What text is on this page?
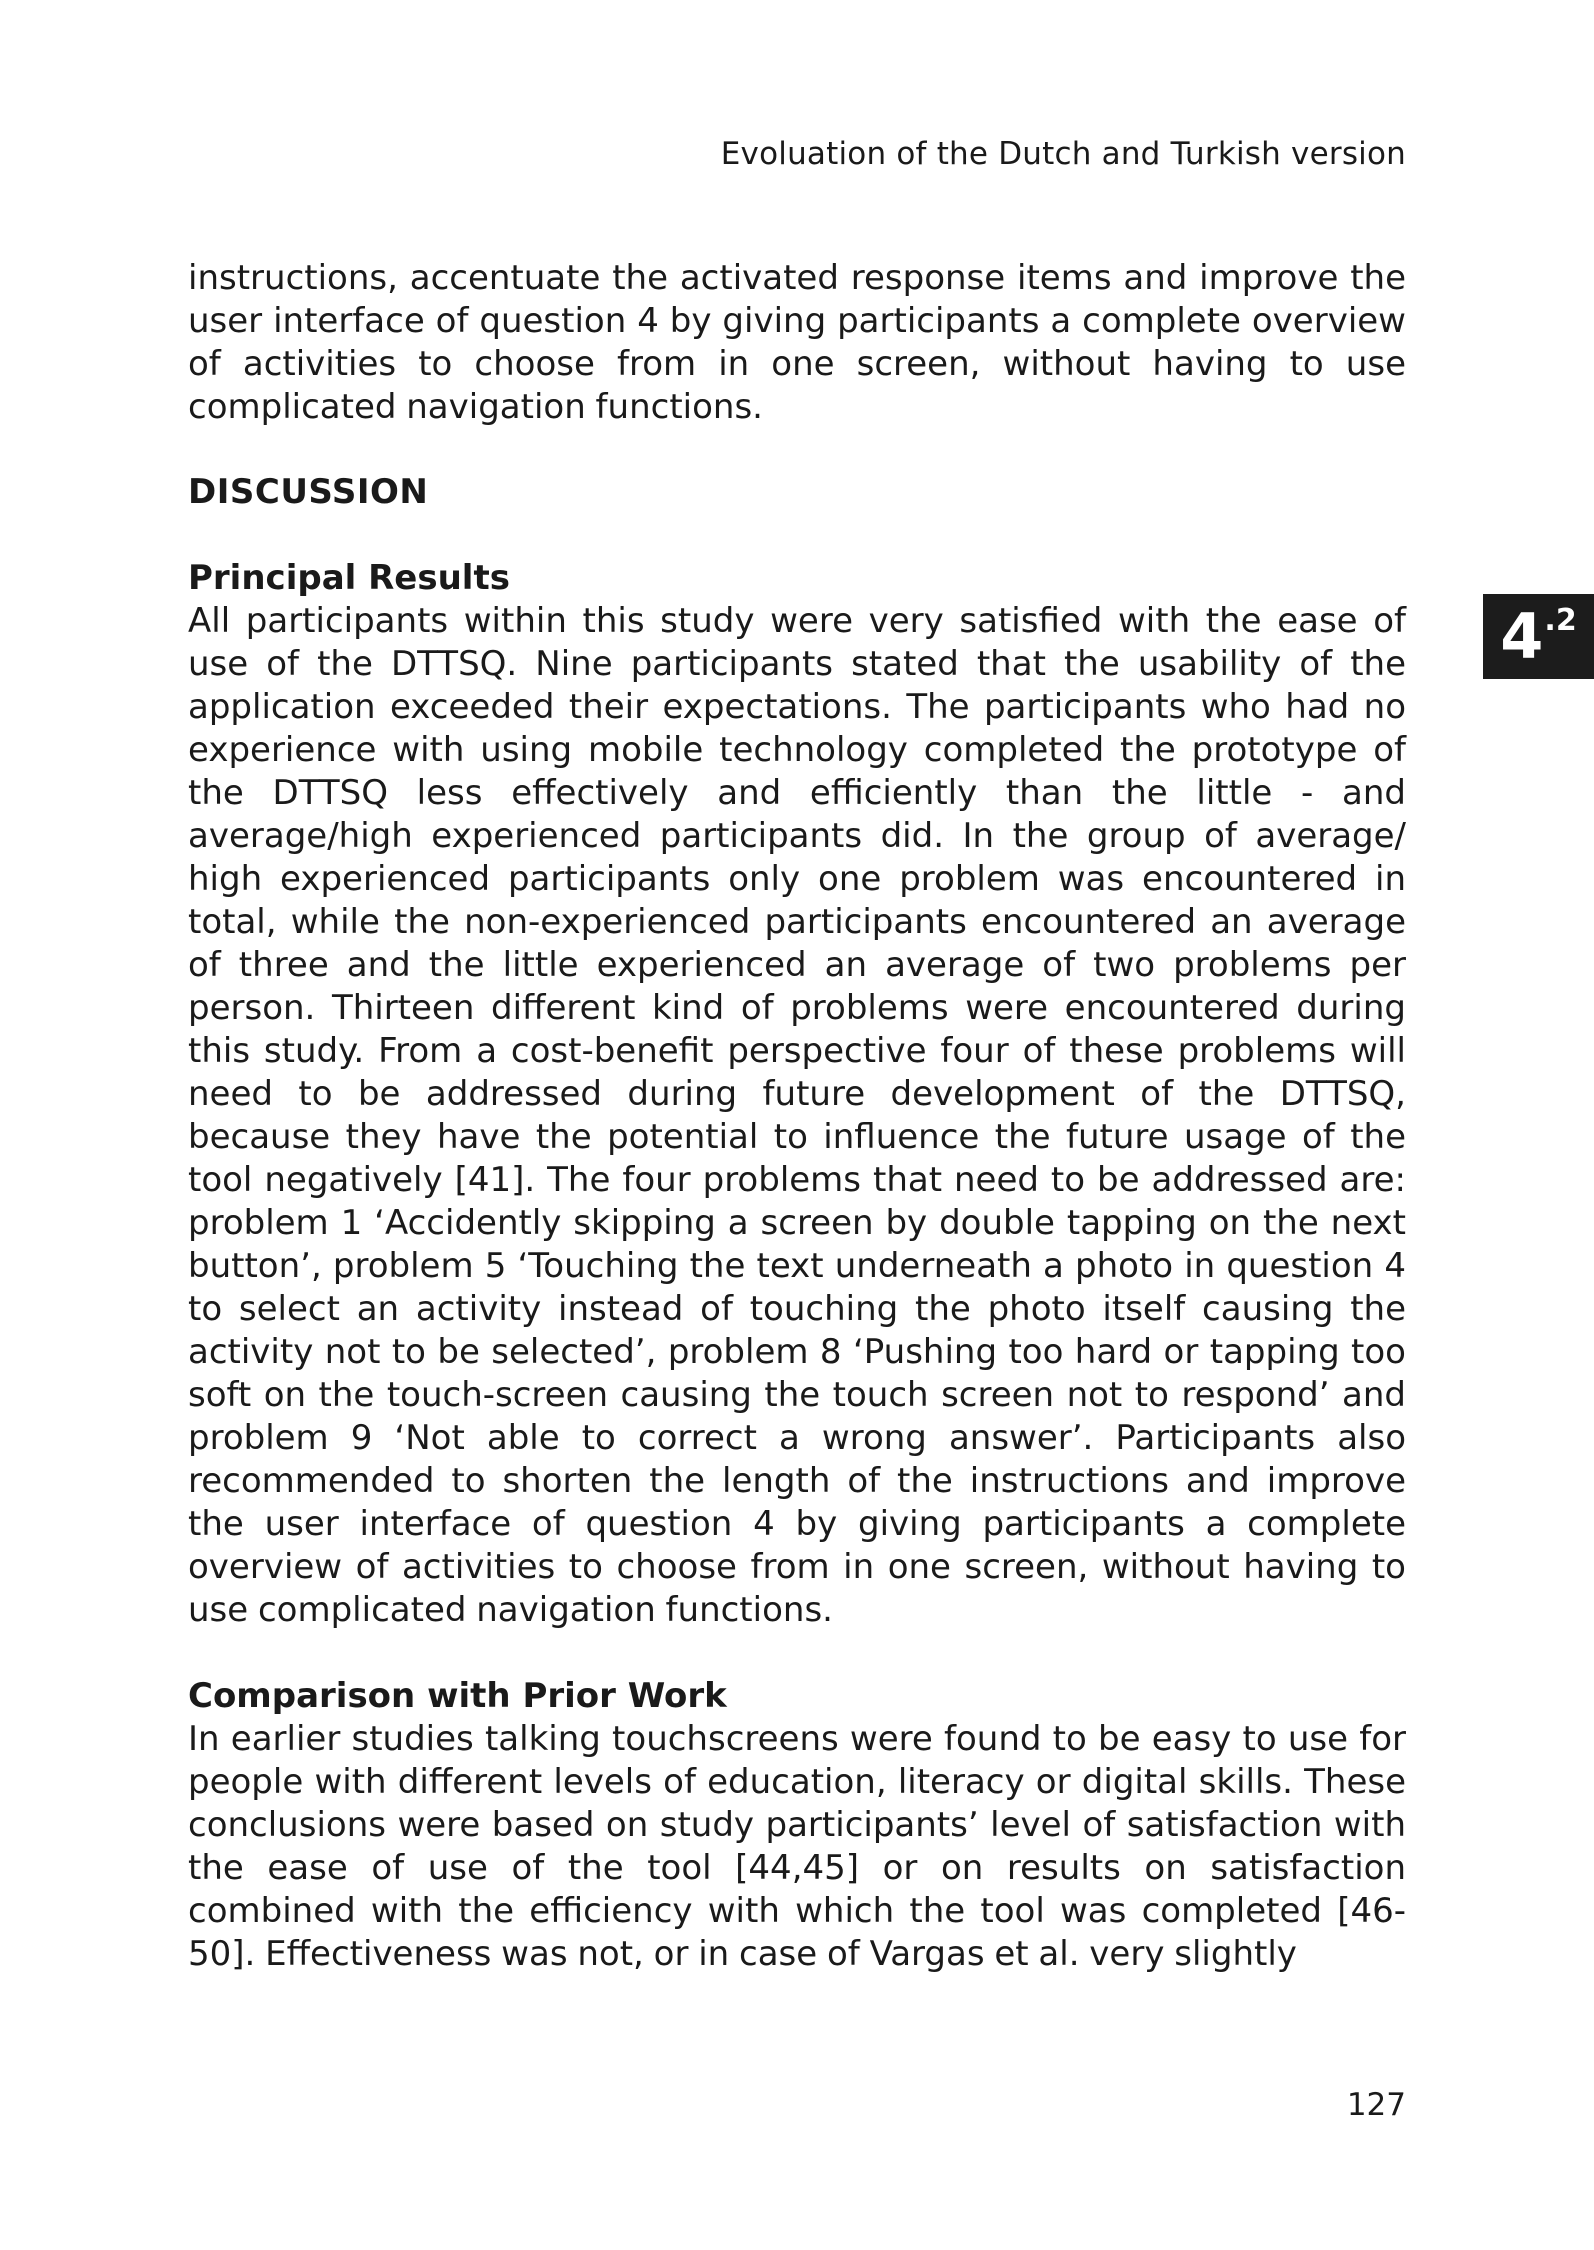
Evoluation of the Dutch and Turkish version

4 .2

instructions, accentuate the activated response items and improve the user interface of question 4 by giving participants a complete overview of activities to choose from in one screen, without having to use complicated navigation functions.

DISCUSSION
Principal Results

All participants within this study were very satisfied with the ease of use of the DTTSQ. Nine participants stated that the usability of the application exceeded their expectations. The participants who had no experience with using mobile technology completed the prototype of the DTTSQ less effectively and efficiently than the little - and average/high experienced participants did. In the group of average/ high experienced participants only one problem was encountered in total, while the non-experienced participants encountered an average of three and the little experienced an average of two problems per person. Thirteen different kind of problems were encountered during this study. From a cost-benefit perspective four of these problems will need to be addressed during future development of the DTTSQ, because they have the potential to influence the future usage of the tool negatively [41]. The four problems that need to be addressed are: problem 1 ‘Accidently skipping a screen by double tapping on the next button’, problem 5 ‘Touching the text underneath a photo in question 4 to select an activity instead of touching the photo itself causing the activity not to be selected’, problem 8 ‘Pushing too hard or tapping too soft on the touch-screen causing the touch screen not to respond’ and problem 9 ‘Not able to correct a wrong answer’. Participants also recommended to shorten the length of the instructions and improve the user interface of question 4 by giving participants a complete overview of activities to choose from in one screen, without having to use complicated navigation functions.

Comparison with Prior Work

In earlier studies talking touchscreens were found to be easy to use for people with different levels of education, literacy or digital skills. These conclusions were based on study participants’ level of satisfaction with the ease of use of the tool [44,45] or on results on satisfaction combined with the efficiency with which the tool was completed [46-50]. Effectiveness was not, or in case of Vargas et al. very slightly

127
